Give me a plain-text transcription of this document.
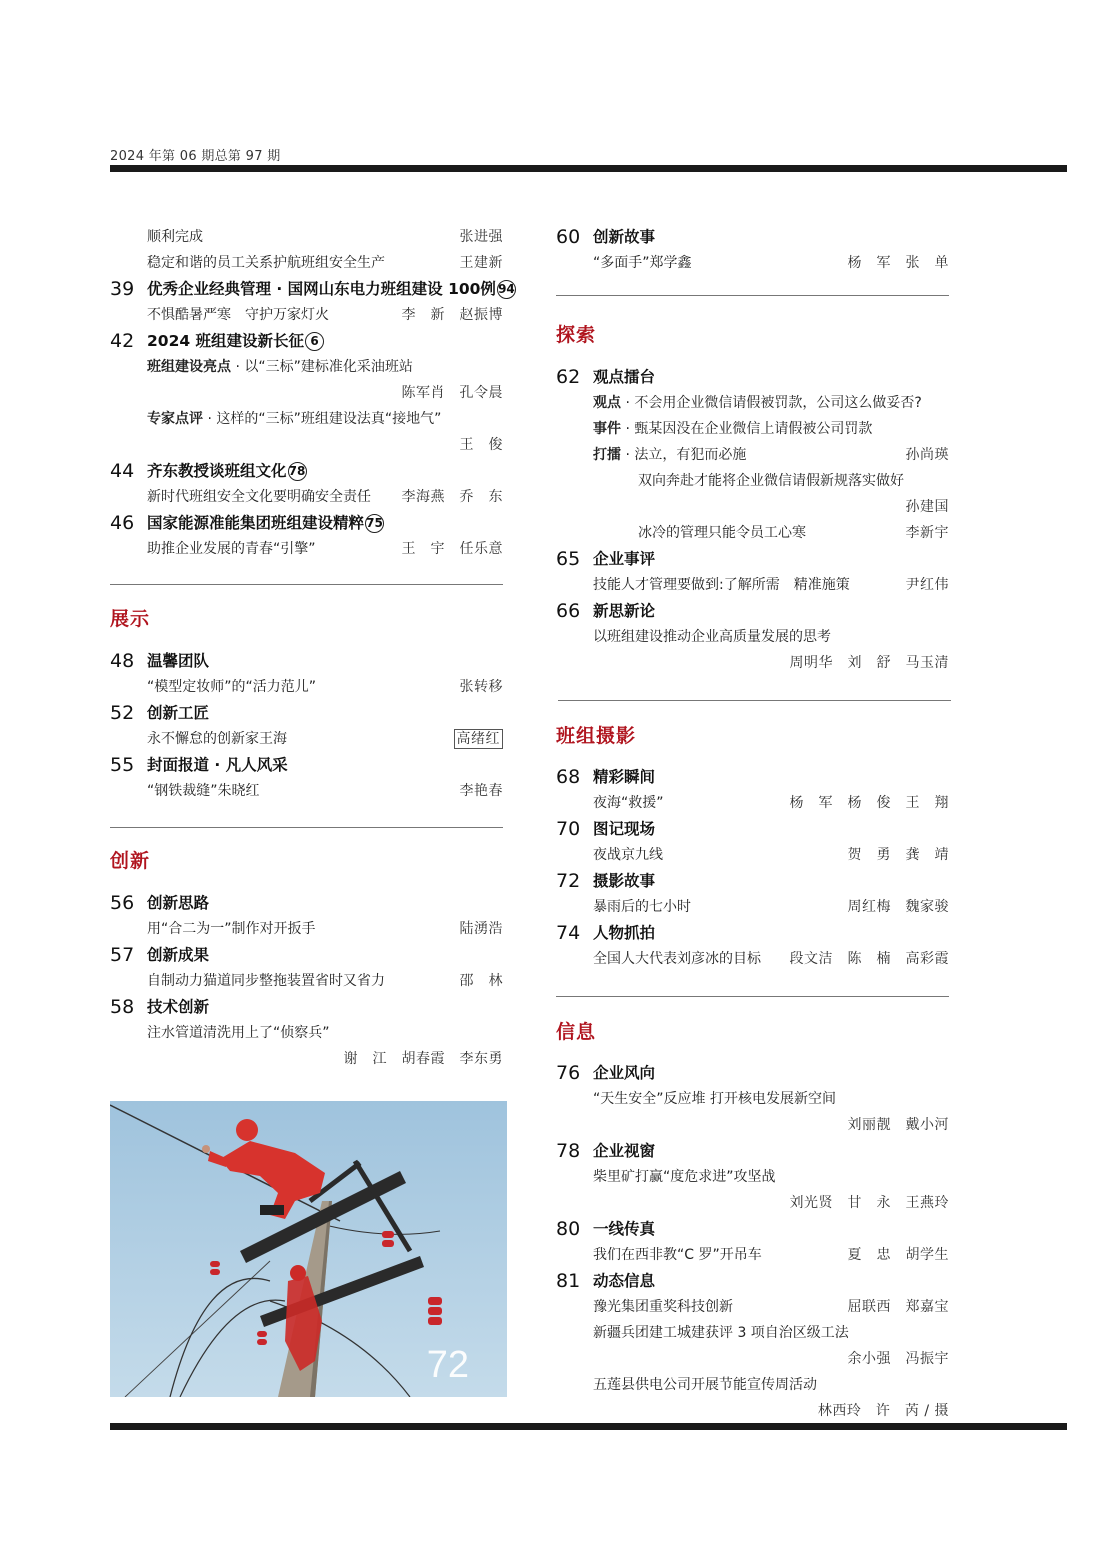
2024 年第 06 期总第 97 期
顺利完成	张进强
稳定和谐的员工关系护航班组安全生产	王建新
39 优秀企业经典管理 · 国网山东电力班组建设 100例 94
不惧酷暑严寒　守护万家灯火	李　新　赵振博
42 2024 班组建设新长征 6
班组建设亮点 · 以“三标”建标准化采油班站
陈军肖　孔令晨
专家点评 · 这样的“三标”班组建设法真“接地气”
王　俊
44 齐东教授谈班组文化 78
新时代班组安全文化要明确安全责任 李海燕　乔　东
46 国家能源准能集团班组建设精粹 75
助推企业发展的青春“引擎”	王　宇　任乐意
展示
48 温馨团队
“模型定妆师”的“活力范儿”	张转移
52 创新工匠
永不懈怠的创新家王海	高绪红
55 封面报道 · 凡人风采
“钢铁裁缝”朱晓红	李艳春
创新
56 创新思路
用“合二为一”制作对开扳手	陆湧浩
57 创新成果
自制动力猫道同步整拖装置省时又省力	邵　林
58 技术创新
注水管道清洗用上了“侦察兵”
谢　江　胡春霞　李东勇
72
60 创新故事
“多面手”郑学鑫	杨　军　张　单
探索
62 观点擂台
观点 · 不会用企业微信请假被罚款，公司这么做妥否?
事件 · 甄某因没在企业微信上请假被公司罚款
打擂 · 法立，有犯而必施	孙尚瑛
双向奔赴才能将企业微信请假新规落实做好
孙建国
冰冷的管理只能令员工心寒	李新宇
65 企业事评
技能人才管理要做到:了解所需　精准施策	尹红伟
66 新思新论
以班组建设推动企业高质量发展的思考
周明华　刘　舒　马玉清
班组摄影
68 精彩瞬间
夜海“救援”	杨　军　杨　俊　王　翔
70 图记现场
夜战京九线	贺　勇　龚　靖
72 摄影故事
暴雨后的七小时	周红梅　魏家骏
74 人物抓拍
全国人大代表刘彦冰的目标 段文洁　陈　楠　高彩霞
信息
76 企业风向
“天生安全”反应堆 打开核电发展新空间
刘丽靓　戴小河
78 企业视窗
柴里矿打赢“度危求进”攻坚战
刘光贤　甘　永　王燕玲
80 一线传真
我们在西非教“C 罗”开吊车	夏　忠　胡学生
81 动态信息
豫光集团重奖科技创新	屈联西　郑嘉宝
新疆兵团建工城建获评 3 项自治区级工法
余小强　冯振宇
五莲县供电公司开展节能宣传周活动
林西玲　许　芮 / 摄
